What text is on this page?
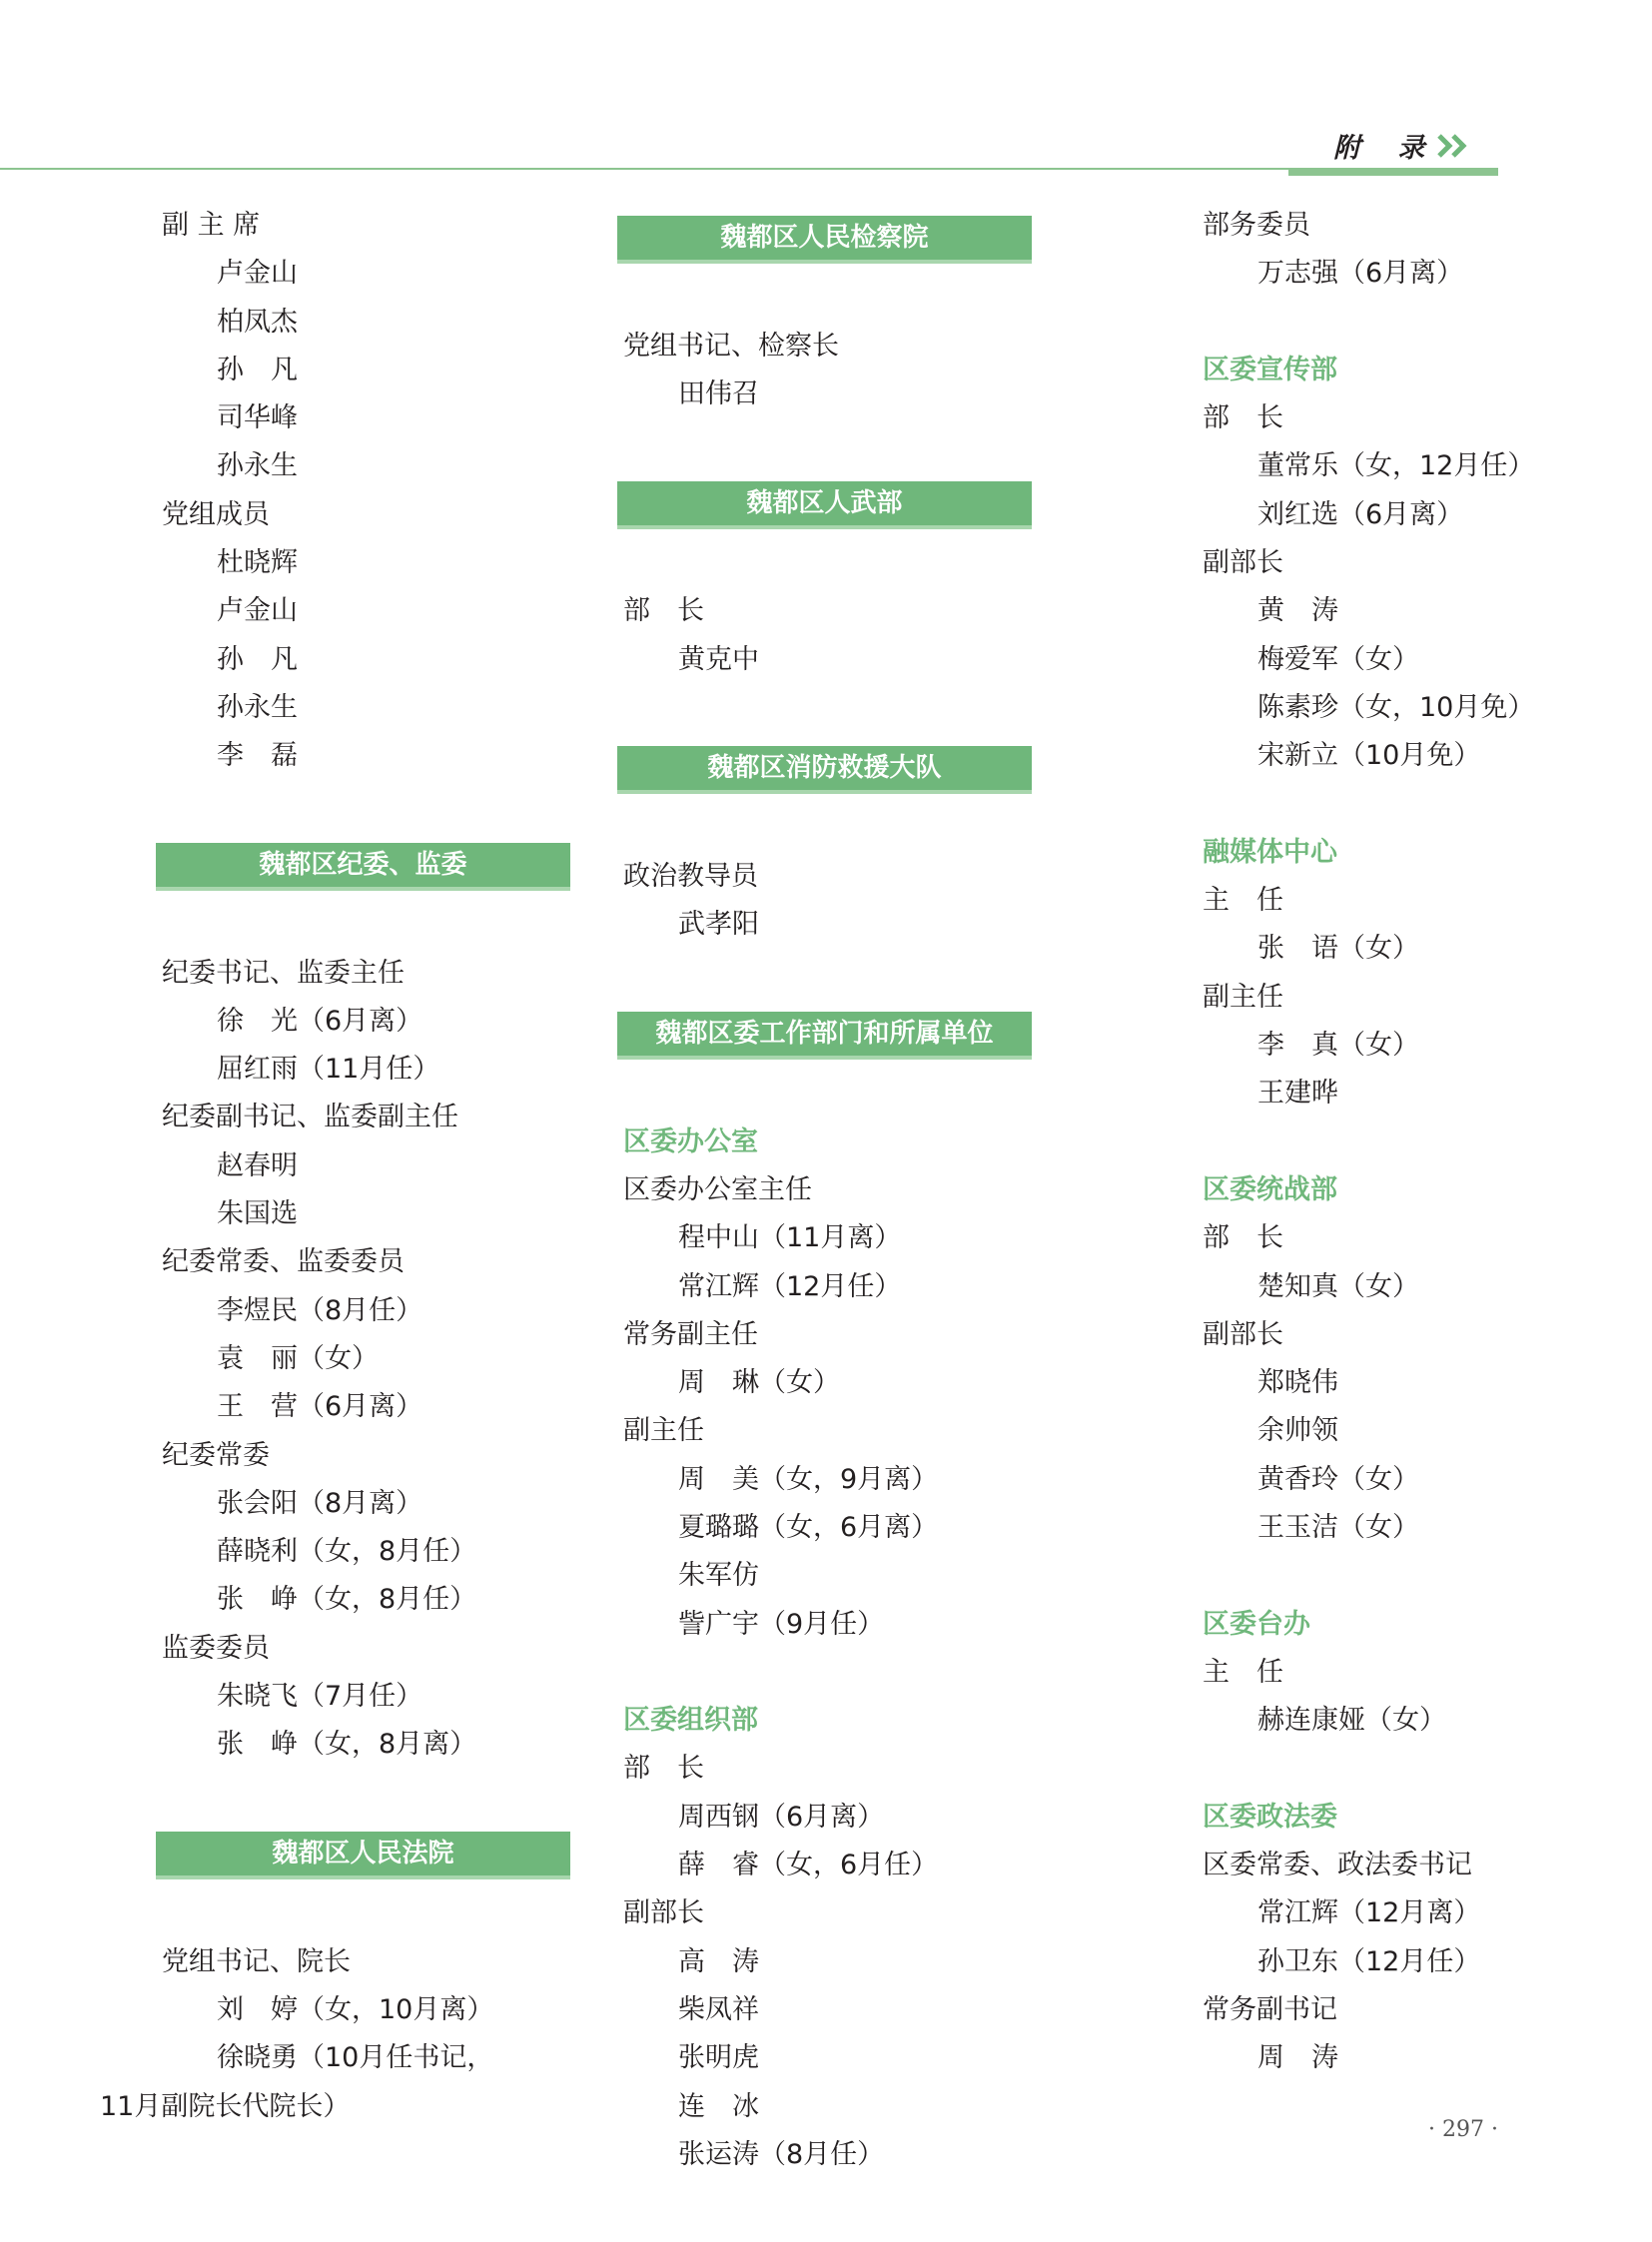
附 录
副 主 席
卢金山
柏凤杰
孙　凡
司华峰
孙永生
党组成员
杜晓辉
卢金山
孙　凡
孙永生
李　磊
魏都区纪委、监委
纪委书记、监委主任
徐　光（6月离）
屈红雨（11月任）
纪委副书记、监委副主任
赵春明
朱国选
纪委常委、监委委员
李煜民（8月任）
袁　丽（女）
王　营（6月离）
纪委常委
张会阳（8月离）
薛晓利（女，8月任）
张　峥（女，8月任）
监委委员
朱晓飞（7月任）
张　峥（女，8月离）
魏都区人民法院
党组书记、院长
刘　婷（女，10月离）
徐晓勇（10月任书记，
11月副院长代院长）
魏都区人民检察院
党组书记、检察长
田伟召
魏都区人武部
部　长
黄克中
魏都区消防救援大队
政治教导员
武孝阳
魏都区委工作部门和所属单位
区委办公室
区委办公室主任
程中山（11月离）
常江辉（12月任）
常务副主任
周　琳（女）
副主任
周　美（女，9月离）
夏璐璐（女，6月离）
朱军仿
訾广宇（9月任）
区委组织部
部　长
周西钢（6月离）
薛　睿（女，6月任）
副部长
高　涛
柴凤祥
张明虎
连　冰
张运涛（8月任）
部务委员
万志强（6月离）
区委宣传部
部　长
董常乐（女，12月任）
刘红选（6月离）
副部长
黄　涛
梅爱军（女）
陈素珍（女，10月免）
宋新立（10月免）
融媒体中心
主　任
张　语（女）
副主任
李　真（女）
王建晔
区委统战部
部　长
楚知真（女）
副部长
郑晓伟
余帅领
黄香玲（女）
王玉洁（女）
区委台办
主　任
赫连康娅（女）
区委政法委
区委常委、政法委书记
常江辉（12月离）
孙卫东（12月任）
常务副书记
周　涛
· 297 ·
